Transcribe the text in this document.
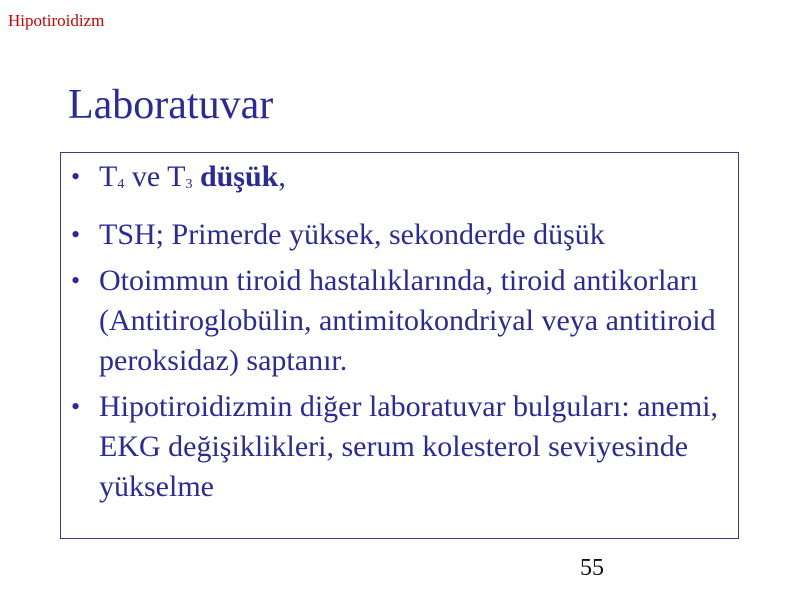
Hipotiroidizm
Laboratuvar
• $T_4$ ve $T_3$ düşük,
• TSH; Primerde yüksek, sekonderde düşük
• Otoimmun tiroid hastalıklarında, tiroid antikorları (Antitiroglobülin, antimitokondriyal veya antitiroid peroksidaz) saptanır.
• Hipotiroidizmin diğer laboratuvar bulguları: anemi, EKG değişiklikleri, serum kolesterol seviyesinde yükselme
55
